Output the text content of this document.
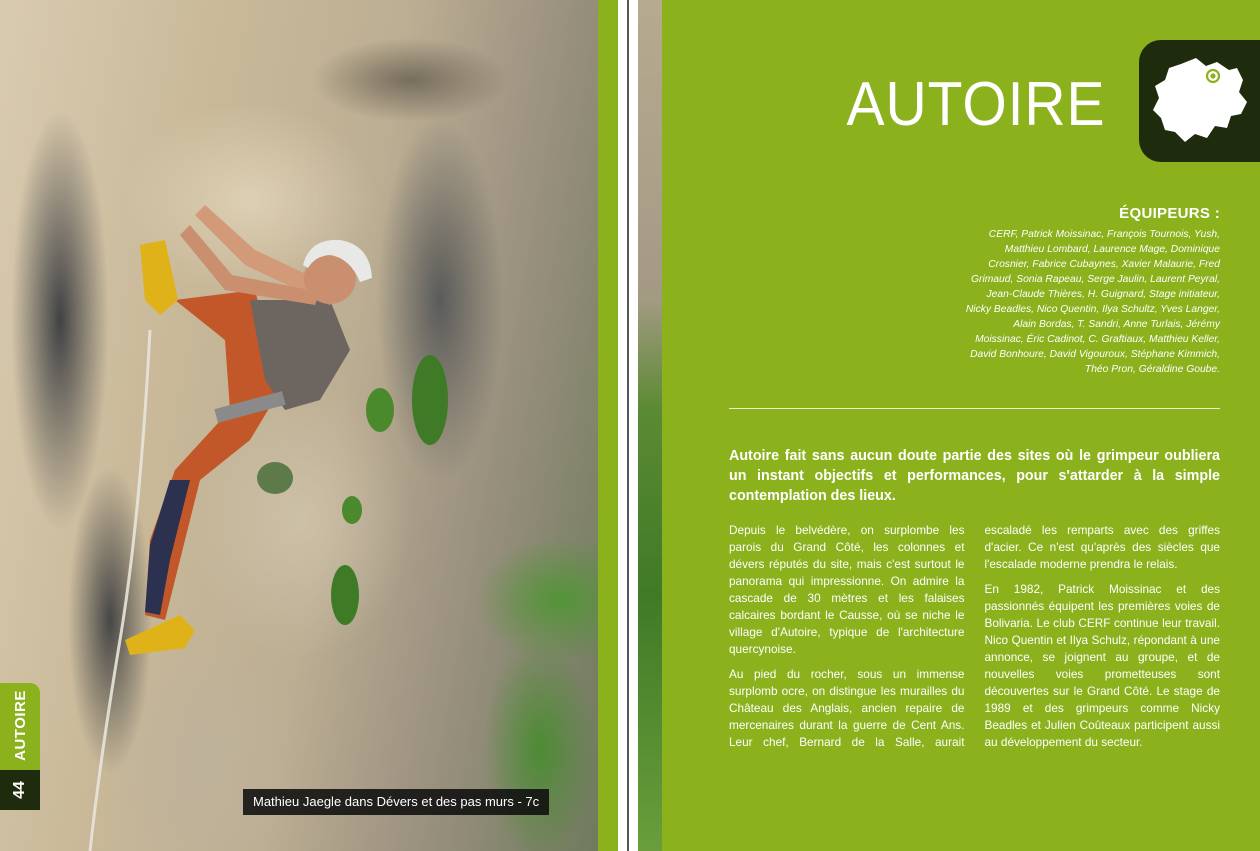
AUTOIRE
44
Mathieu Jaegle dans Dévers et des pas murs - 7c
AUTOIRE
ÉQUIPEURS :

CERF, Patrick Moissinac, François Tournois, Yush, Matthieu Lombard, Laurence Mage, Dominique Crosnier, Fabrice Cubaynes, Xavier Malaurie, Fred Grimaud, Sonia Rapeau, Serge Jaulin, Laurent Peyral, Jean-Claude Thières, H. Guignard, Stage initiateur, Nicky Beadles, Nico Quentin, Ilya Schultz, Yves Langer, Alain Bordas, T. Sandri, Anne Turlais, Jérémy Moissinac, Éric Cadinot, C. Graftiaux, Matthieu Keller, David Bonhoure, David Vigouroux, Stéphane Kimmich, Théo Pron, Géraldine Goube.

Autoire fait sans aucun doute partie des sites où le grimpeur oubliera un instant objectifs et performances, pour s'attarder à la simple contemplation des lieux.

Depuis le belvédère, on surplombe les parois du Grand Côté, les colonnes et dévers réputés du site, mais c'est surtout le panorama qui impressionne. On admire la cascade de 30 mètres et les falaises calcaires bordant le Causse, où se niche le village d'Autoire, typique de l'architecture quercynoise.

Au pied du rocher, sous un immense surplomb ocre, on distingue les murailles du Château des Anglais, ancien repaire de mercenaires durant la guerre de Cent Ans. Leur chef, Bernard de la Salle, aurait escaladé les remparts avec des griffes d'acier. Ce n'est qu'après des siècles que l'escalade moderne prendra le relais.

En 1982, Patrick Moissinac et des passionnés équipent les premières voies de Bolivaria. Le club CERF continue leur travail. Nico Quentin et Ilya Schulz, répondant à une annonce, se joignent au groupe, et de nouvelles voies prometteuses sont découvertes sur le Grand Côté. Le stage de 1989 et des grimpeurs comme Nicky Beadles et Julien Coûteaux participent aussi au développement du secteur.
